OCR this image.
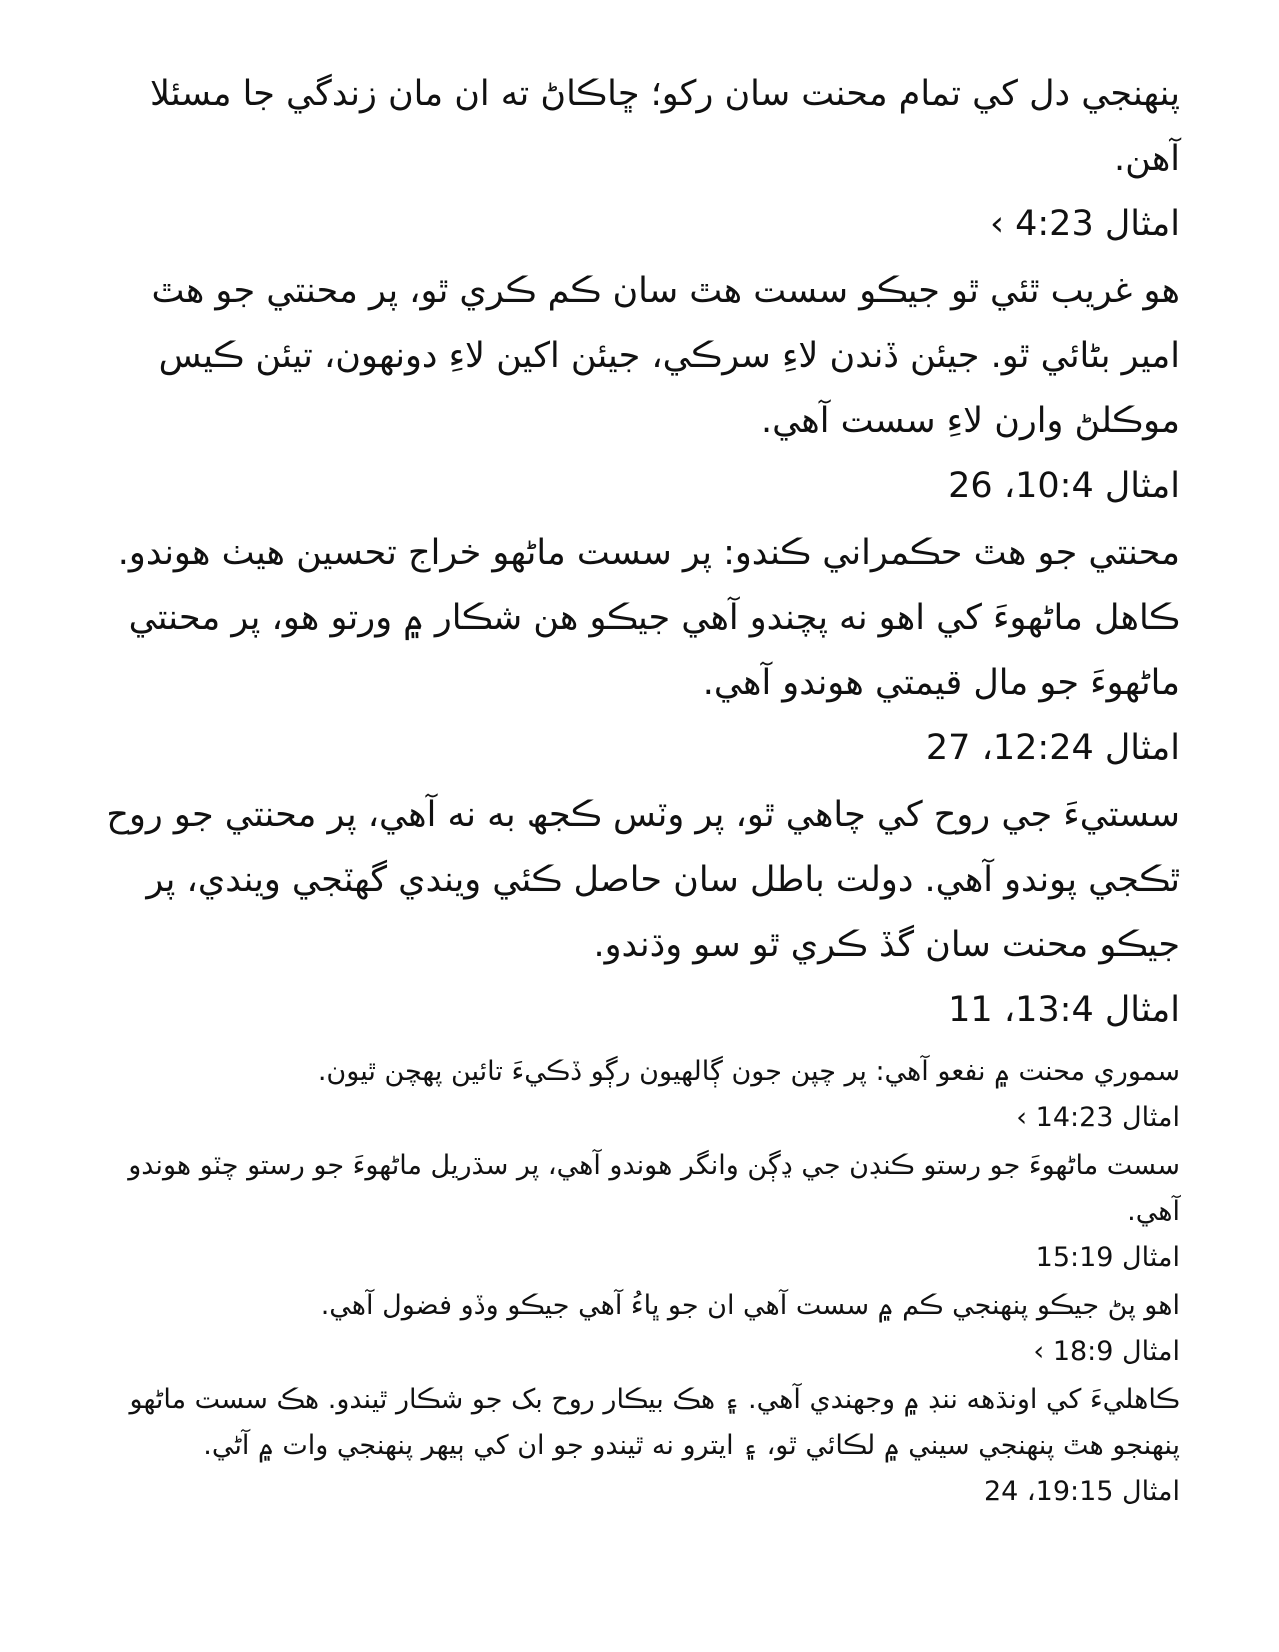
پنهنجي دل کي تمام محنت سان رکو؛ ڇاڪاڻ ته ان مان زندگي جا مسئلا آهن.
امثال 4:23 ›
هو غريب ٿئي ٿو جيڪو سست هٿ سان ڪم ڪري ٿو، پر محنتي جو هٿ امير بڻائي ٿو. جيئن ڏندن لاءِ سرڪي، جيئن اکين لاءِ دونهون، تيئن ڪيس موڪلڻ وارن لاءِ سست آهي.
امثال 10:4، 26
محنتي جو هٿ حڪمراني ڪندو: پر سست ماڻهو خراج تحسين هيٺ هوندو. ڪاهل ماڻهوءَ کي اهو نه پچندو آهي جيڪو هن شڪار ۾ ورتو هو، پر محنتي ماڻهوءَ جو مال قيمتي هوندو آهي.
امثال 12:24، 27
سستيءَ جي روح کي چاهي ٿو، پر وٽس ڪجھ به نه آهي، پر محنتي جو روح ٿڪجي پوندو آهي. دولت باطل سان حاصل ڪئي ويندي گهٽجي ويندي، پر جيڪو محنت سان گڏ ڪري ٿو سو وڌندو.
امثال 13:4، 11
سموري محنت ۾ نفعو آهي: پر چپن جون ڳالهيون رڳو ڏڪيءَ تائين پهچن ٿيون.
امثال 14:23 ›
سست ماڻهوءَ جو رستو ڪنڊن جي ڍڳن وانگر هوندو آهي، پر سڌريل ماڻهوءَ جو رستو چٽو هوندو آهي.
امثال 15:19
اهو پڻ جيڪو پنهنجي ڪم ۾ سست آهي ان جو ڀاءُ آهي جيڪو وڏو فضول آهي.
امثال 18:9 ›
ڪاهليءَ کي اونڌهه ننڊ ۾ وجهندي آهي. ۽ هڪ بيڪار روح بک جو شڪار ٿيندو. هڪ سست ماڻهو پنهنجو هٿ پنهنجي سيني ۾ لڪائي ٿو، ۽ ايترو نه ٿيندو جو ان کي ٻيهر پنهنجي وات ۾ آڻي.
امثال 19:15، 24
